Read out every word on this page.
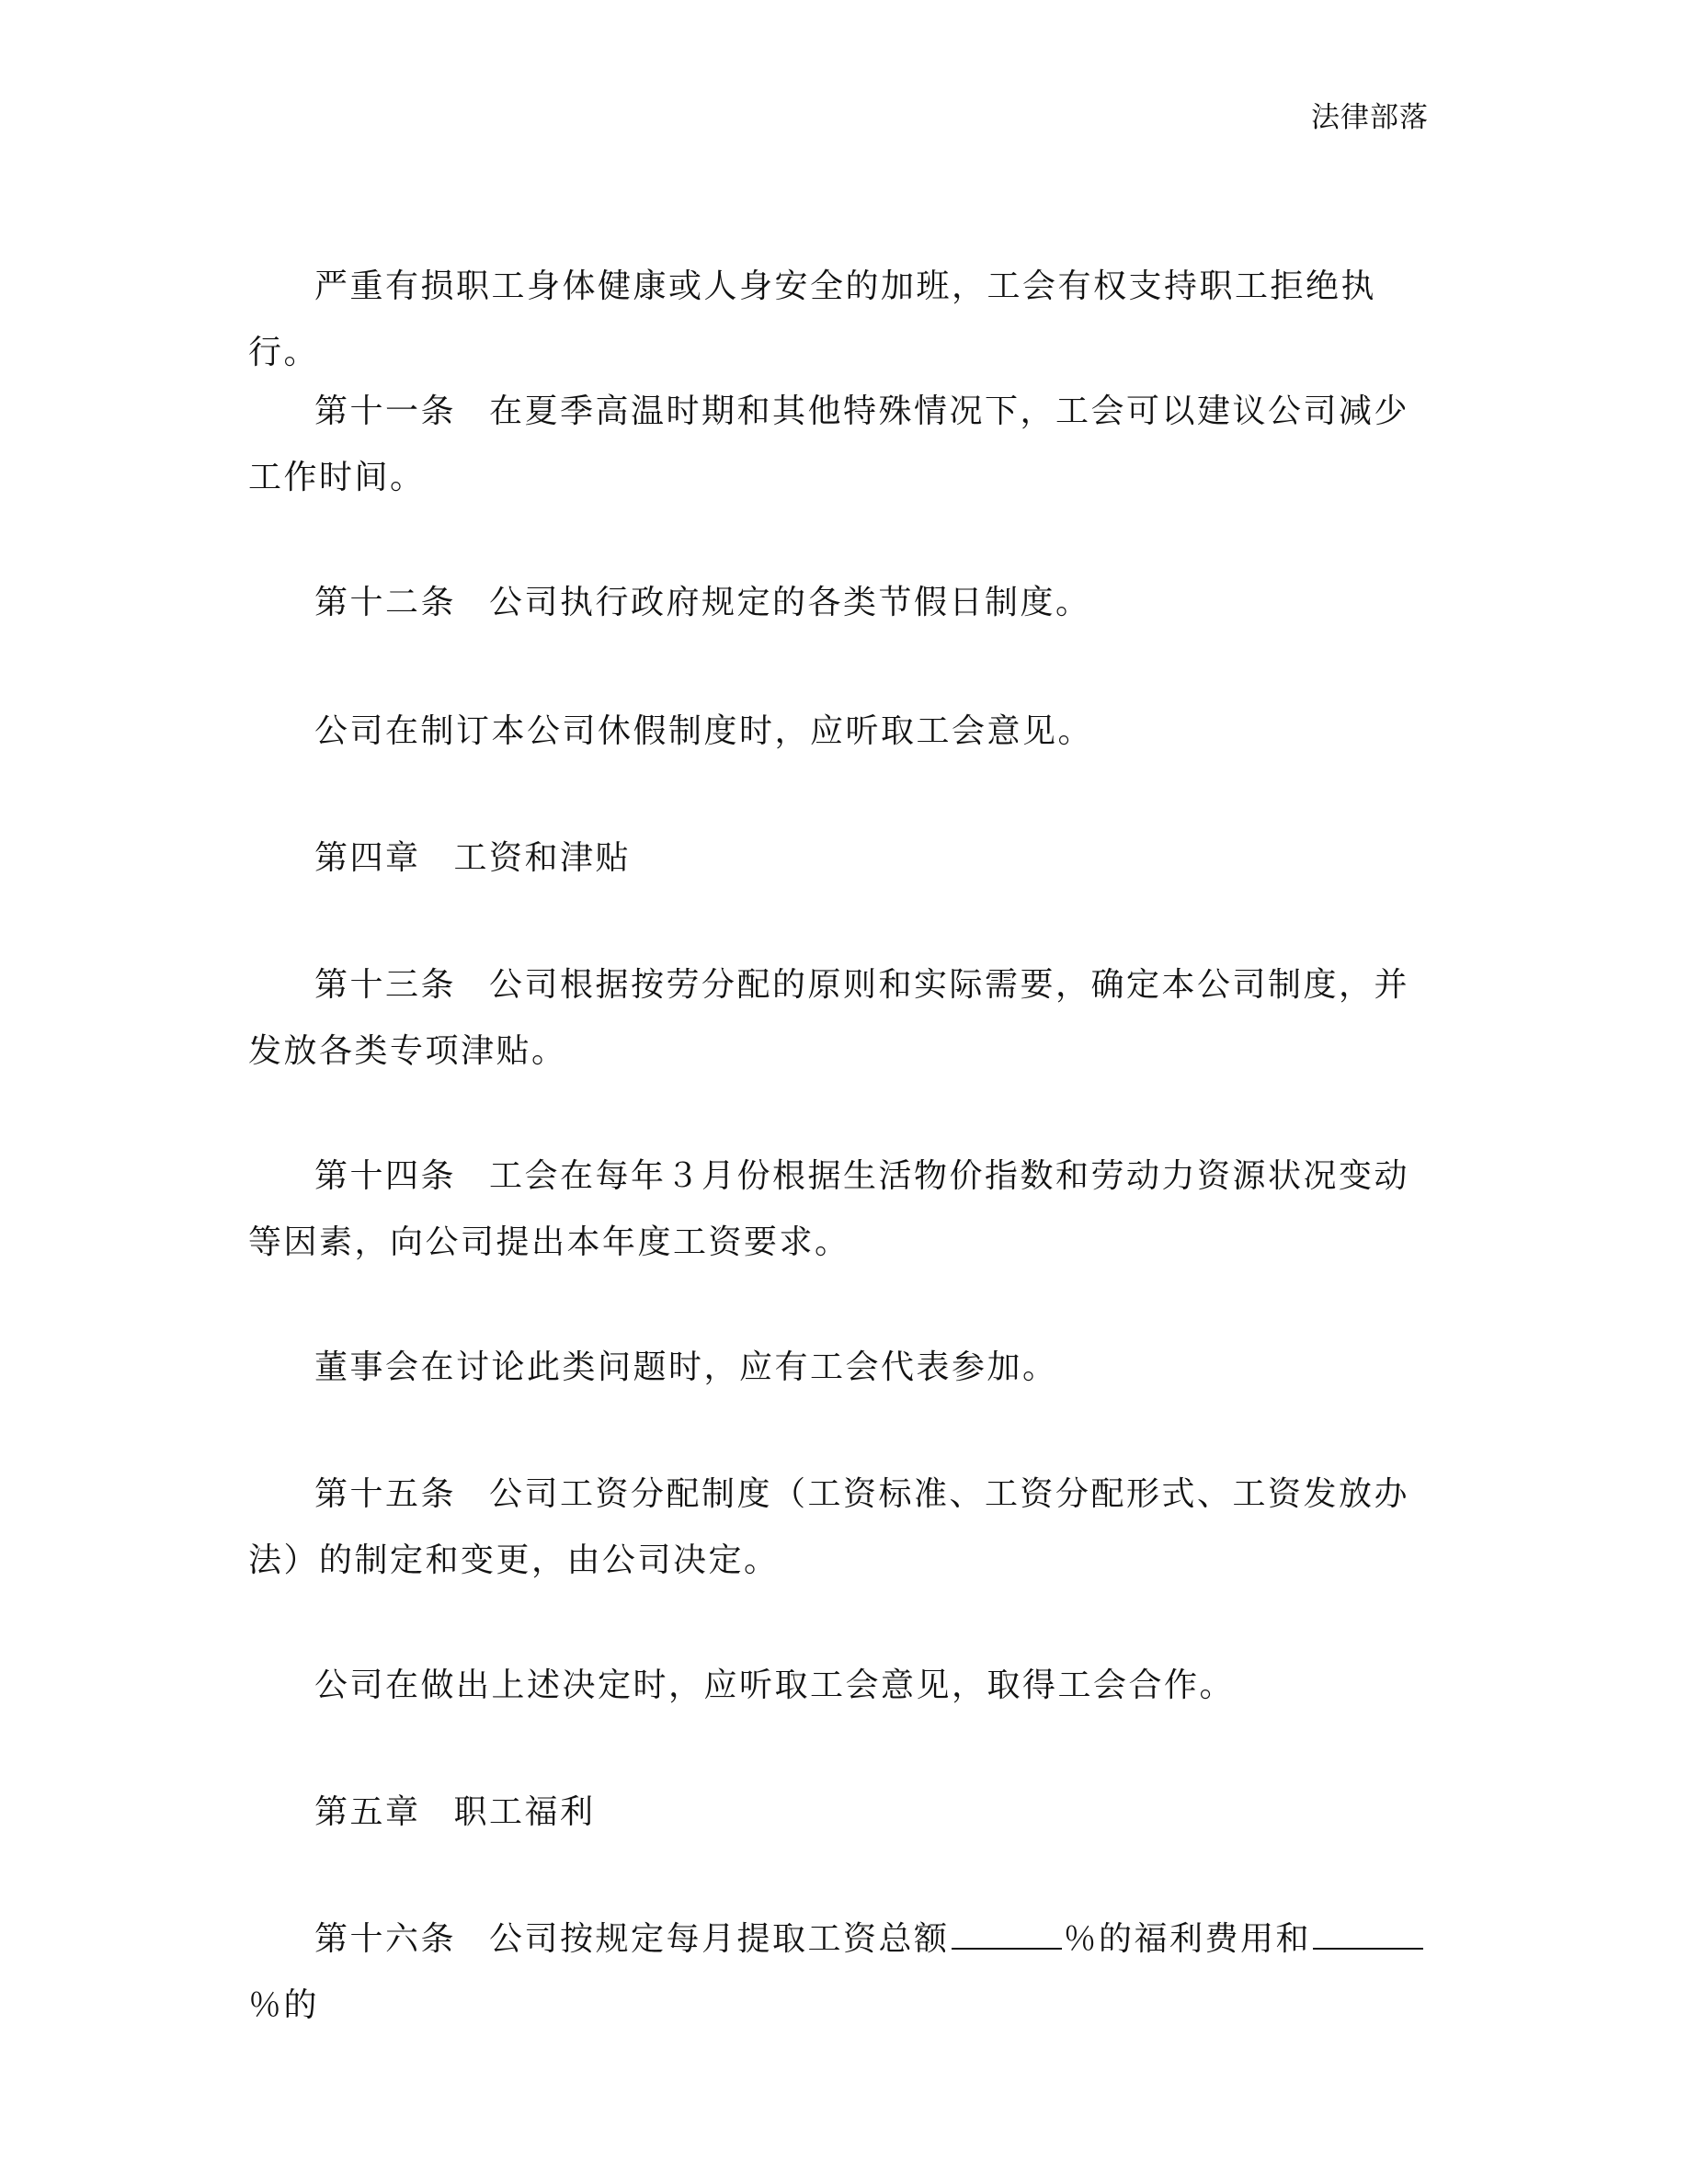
法律部落
严重有损职工身体健康或人身安全的加班，工会有权支持职工拒绝执行。
第十一条 在夏季高温时期和其他特殊情况下，工会可以建议公司减少工作时间。
第十二条 公司执行政府规定的各类节假日制度。
公司在制订本公司休假制度时，应听取工会意见。
第四章 工资和津贴
第十三条 公司根据按劳分配的原则和实际需要，确定本公司制度，并发放各类专项津贴。
第十四条 工会在每年３月份根据生活物价指数和劳动力资源状况变动等因素，向公司提出本年度工资要求。
董事会在讨论此类问题时，应有工会代表参加。
第十五条 公司工资分配制度（工资标准、工资分配形式、工资发放办法）的制定和变更，由公司决定。
公司在做出上述决定时，应听取工会意见，取得工会合作。
第五章 职工福利
第十六条 公司按规定每月提取工资总额	％的福利费用和％的
